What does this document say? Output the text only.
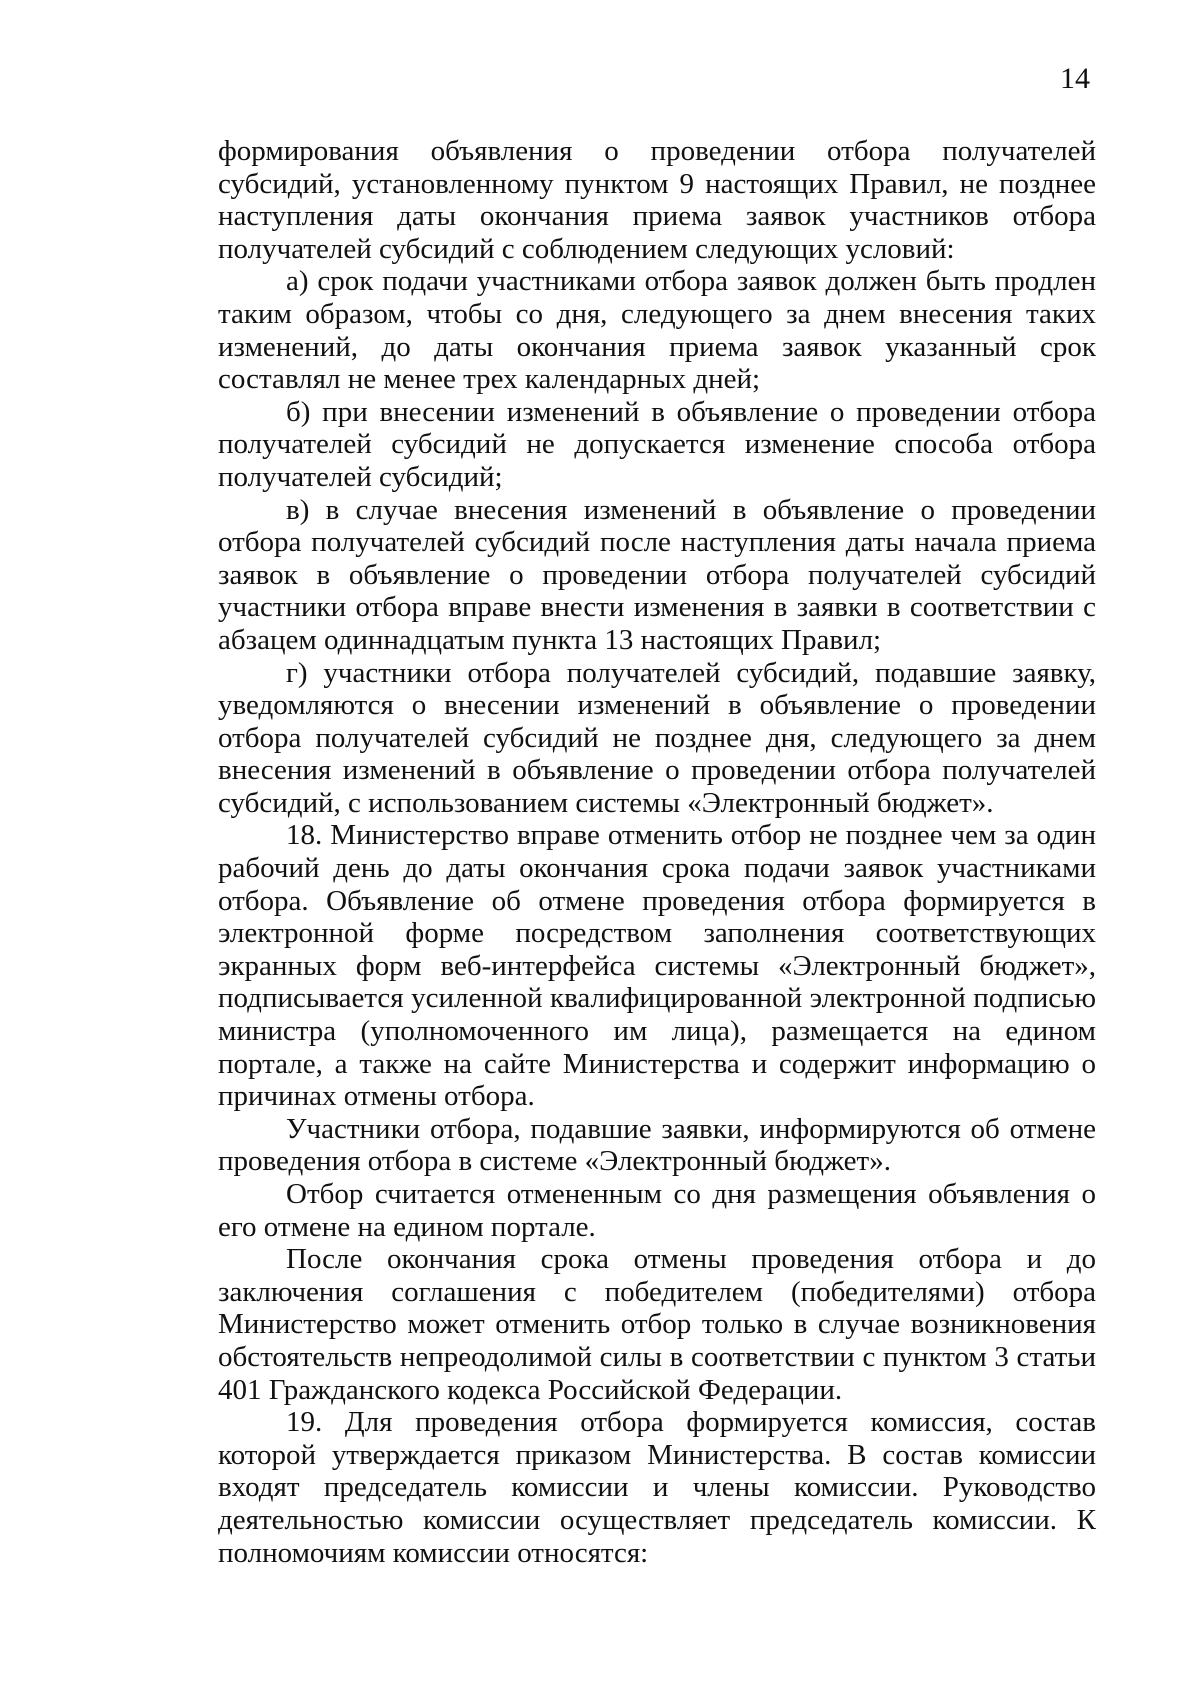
14

формирования объявления о проведении отбора получателей субсидий, установленному пунктом 9 настоящих Правил, не позднее наступления даты окончания приема заявок участников отбора получателей субсидий с соблюдением следующих условий:

а) срок подачи участниками отбора заявок должен быть продлен таким образом, чтобы со дня, следующего за днем внесения таких изменений, до даты окончания приема заявок указанный срок составлял не менее трех календарных дней;

б) при внесении изменений в объявление о проведении отбора получателей субсидий не допускается изменение способа отбора получателей субсидий;

в) в случае внесения изменений в объявление о проведении отбора получателей субсидий после наступления даты начала приема заявок в объявление о проведении отбора получателей субсидий участники отбора вправе внести изменения в заявки в соответствии с абзацем одиннадцатым пункта 13 настоящих Правил;

г) участники отбора получателей субсидий, подавшие заявку, уведомляются о внесении изменений в объявление о проведении отбора получателей субсидий не позднее дня, следующего за днем внесения изменений в объявление о проведении отбора получателей субсидий, с использованием системы «Электронный бюджет».

18. Министерство вправе отменить отбор не позднее чем за один рабочий день до даты окончания срока подачи заявок участниками отбора. Объявление об отмене проведения отбора формируется в электронной форме посредством заполнения соответствующих экранных форм веб-интерфейса системы «Электронный бюджет», подписывается усиленной квалифицированной электронной подписью министра (уполномоченного им лица), размещается на едином портале, а также на сайте Министерства и содержит информацию о причинах отмены отбора.

Участники отбора, подавшие заявки, информируются об отмене проведения отбора в системе «Электронный бюджет».

Отбор считается отмененным со дня размещения объявления о его отмене на едином портале.

После окончания срока отмены проведения отбора и до заключения соглашения с победителем (победителями) отбора Министерство может отменить отбор только в случае возникновения обстоятельств непреодолимой силы в соответствии с пунктом 3 статьи 401 Гражданского кодекса Российской Федерации.

19. Для проведения отбора формируется комиссия, состав которой утверждается приказом Министерства. В состав комиссии входят председатель комиссии и члены комиссии. Руководство деятельностью комиссии осуществляет председатель комиссии. К полномочиям комиссии относятся:
